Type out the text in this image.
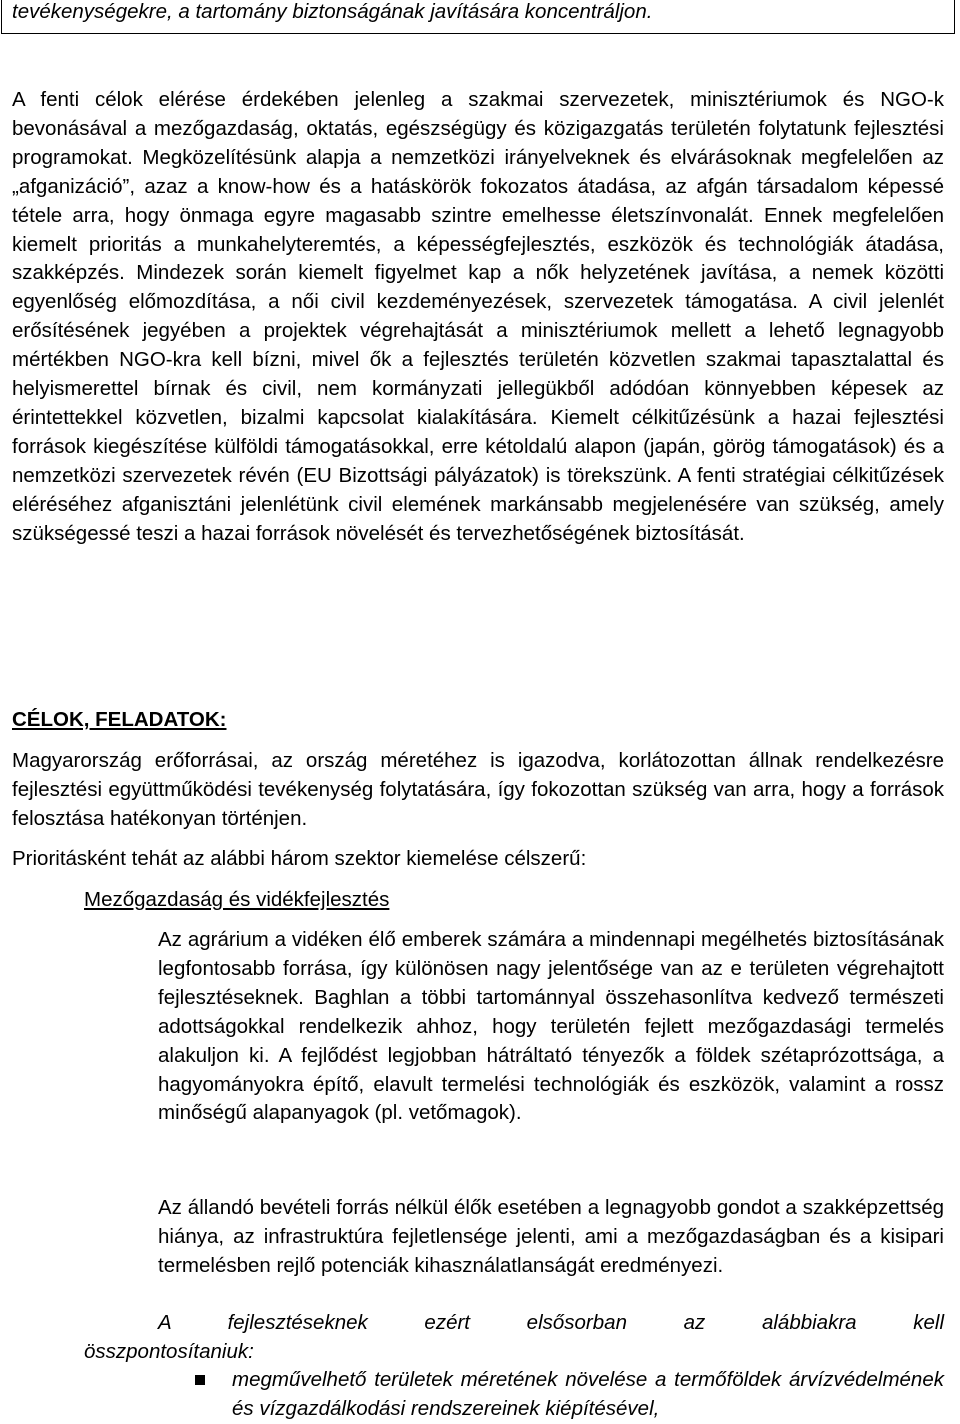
tevékenységekre, a tartomány biztonságának javítására koncentráljon.

A fenti célok elérése érdekében jelenleg a szakmai szervezetek, minisztériumok és NGO-k bevonásával a mezőgazdaság, oktatás, egészségügy és közigazgatás területén folytatunk fejlesztési programokat. Megközelítésünk alapja a nemzetközi irányelveknek és elvárásoknak megfelelően az „afganizáció”, azaz a know-how és a hatáskörök fokozatos átadása, az afgán társadalom képessé tétele arra, hogy önmaga egyre magasabb szintre emelhesse életszínvonalát. Ennek megfelelően kiemelt prioritás a munkahelyteremtés, a képességfejlesztés, eszközök és technológiák átadása, szakképzés. Mindezek során kiemelt figyelmet kap a nők helyzetének javítása, a nemek közötti egyenlőség előmozdítása, a női civil kezdeményezések, szervezetek támogatása. A civil jelenlét erősítésének jegyében a projektek végrehajtását a minisztériumok mellett a lehető legnagyobb mértékben NGO-kra kell bízni, mivel ők a fejlesztés területén közvetlen szakmai tapasztalattal és helyismerettel bírnak és civil, nem kormányzati jellegükből adódóan könnyebben képesek az érintettekkel közvetlen, bizalmi kapcsolat kialakítására. Kiemelt célkitűzésünk a hazai fejlesztési források kiegészítése külföldi támogatásokkal, erre kétoldalú alapon (japán, görög támogatások) és a nemzetközi szervezetek révén (EU Bizottsági pályázatok) is törekszünk. A fenti stratégiai célkitűzések eléréséhez afganisztáni jelenlétünk civil elemének markánsabb megjelenésére van szükség, amely szükségessé teszi a hazai források növelését és tervezhetőségének biztosítását.

CÉLOK, FELADATOK:

Magyarország erőforrásai, az ország méretéhez is igazodva, korlátozottan állnak rendelkezésre fejlesztési együttműködési tevékenység folytatására, így fokozottan szükség van arra, hogy a források felosztása hatékonyan történjen.

Prioritásként tehát az alábbi három szektor kiemelése célszerű:

Mezőgazdaság és vidékfejlesztés

Az agrárium a vidéken élő emberek számára a mindennapi megélhetés biztosításának legfontosabb forrása, így különösen nagy jelentősége van az e területen végrehajtott fejlesztéseknek. Baghlan a többi tartománnyal összehasonlítva kedvező természeti adottságokkal rendelkezik ahhoz, hogy területén fejlett mezőgazdasági termelés alakuljon ki. A fejlődést legjobban hátráltató tényezők a földek szétaprózottsága, a hagyományokra építő, elavult termelési technológiák és eszközök, valamint a rossz minőségű alapanyagok (pl. vetőmagok).

Az állandó bevételi forrás nélkül élők esetében a legnagyobb gondot a szakképzettség hiánya, az infrastruktúra fejletlensége jelenti, ami a mezőgazdaságban és a kisipari termelésben rejlő potenciák kihasználatlanságát eredményezi.

A fejlesztéseknek ezért elsősorban az alábbiakra kell
összpontosítaniuk:

megművelhető területek méretének növelése a termőföldek árvízvédelmének és vízgazdálkodási rendszereinek kiépítésével,
